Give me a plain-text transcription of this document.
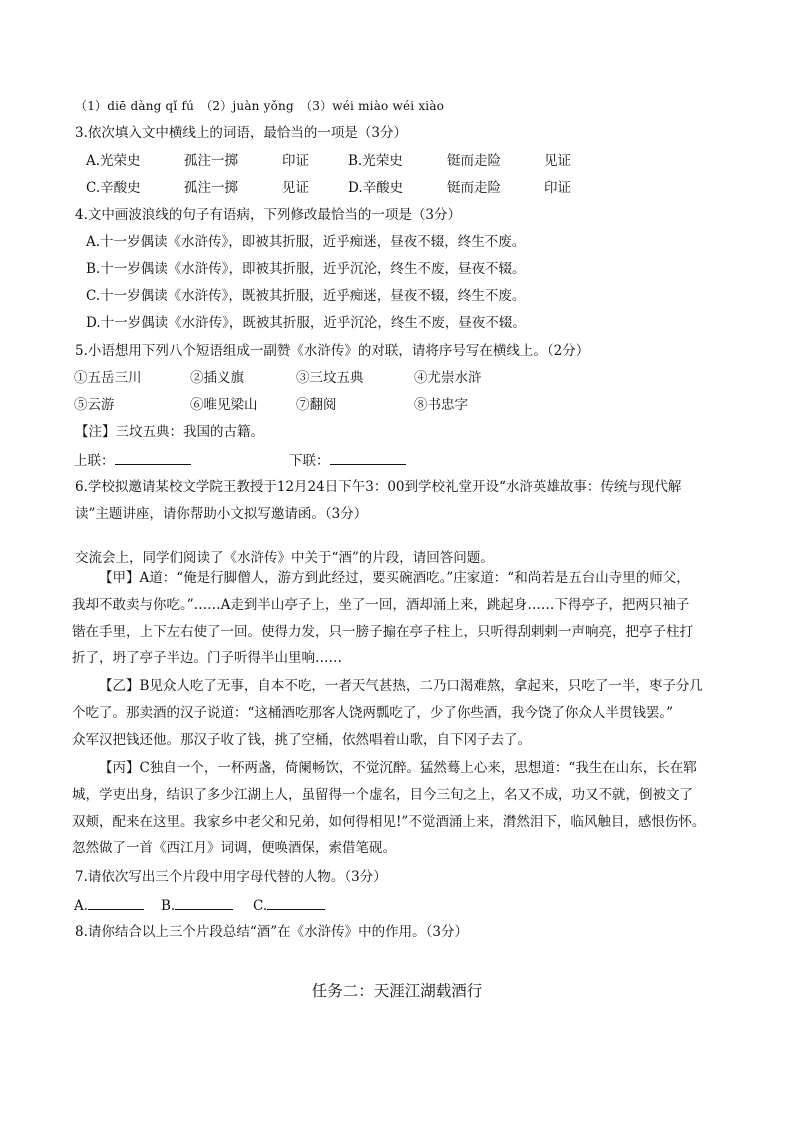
（1）diē dàng qǐ fú　（2）juàn yǒng　（3）wéi miào wéi xiào
3.依次填入文中横线上的词语，最恰当的一项是（3分）
A.光荣史	孤注一掷	印证	B.光荣史	铤而走险	见证
C.辛酸史	孤注一掷	见证	D.辛酸史	铤而走险	印证
4.文中画波浪线的句子有语病，下列修改最恰当的一项是（3分）
A.十一岁偶读《水浒传》，即被其折服，近乎痴迷，昼夜不辍，终生不废。
B.十一岁偶读《水浒传》，即被其折服，近乎沉沦，终生不废，昼夜不辍。
C.十一岁偶读《水浒传》，既被其折服，近乎痴迷，昼夜不辍，终生不废。
D.十一岁偶读《水浒传》，既被其折服，近乎沉沦，终生不废，昼夜不辍。
5.小语想用下列八个短语组成一副赞《水浒传》的对联，请将序号写在横线上。（2分）
①五岳三川	②插义旗	③三坟五典	④尤崇水浒
⑤云游	⑥唯见梁山	⑦翻阅	⑧书忠字
【注】三坟五典：我国的古籍。
上联：	下联：
6.学校拟邀请某校文学院王教授于12月24日下午3：00到学校礼堂开设“水浒英雄故事：传统与现代解
读”主题讲座，请你帮助小文拟写邀请函。（3分）
交流会上，同学们阅读了《水浒传》中关于“酒”的片段，请回答问题。

【甲】A道：“俺是行脚僧人，游方到此经过，要买碗酒吃。”庄家道：“和尚若是五台山寺里的师父，

我却不敢卖与你吃。”……A走到半山亭子上，坐了一回，酒却涌上来，跳起身……下得亭子，把两只袖子

锴在手里，上下左右使了一回。使得力发，只一膀子搧在亭子柱上，只听得刮剌剌一声响亮，把亭子柱打

折了，坍了亭子半边。门子听得半山里响……

【乙】B见众人吃了无事，自本不吃，一者天气甚热，二乃口渴难熬，拿起来，只吃了一半，枣子分几

个吃了。那卖酒的汉子说道：“这桶酒吃那客人饶两瓢吃了，少了你些酒，我今饶了你众人半贯钱罢。”

众军汉把钱还他。那汉子收了钱，挑了空桶，依然唱着山歌，自下冈子去了。

【丙】C独自一个，一杯两盏，倚阑畅饮，不觉沉醉。猛然蓦上心来，思想道：“我生在山东，长在郓

城，学吏出身，结识了多少江湖上人，虽留得一个虚名，目今三旬之上，名又不成，功又不就，倒被文了

双颊，配来在这里。我家乡中老父和兄弟，如何得相见!”不觉酒涌上来，潸然泪下，临风触目，感恨伤怀。

忽然做了一首《西江月》词调，便唤酒保，索借笔砚。

7.请依次写出三个片段中用字母代替的人物。（3分）
A.	B.	C.
8.请你结合以上三个片段总结“酒”在《水浒传》中的作用。（3分）
任务二：天涯江湖载酒行
